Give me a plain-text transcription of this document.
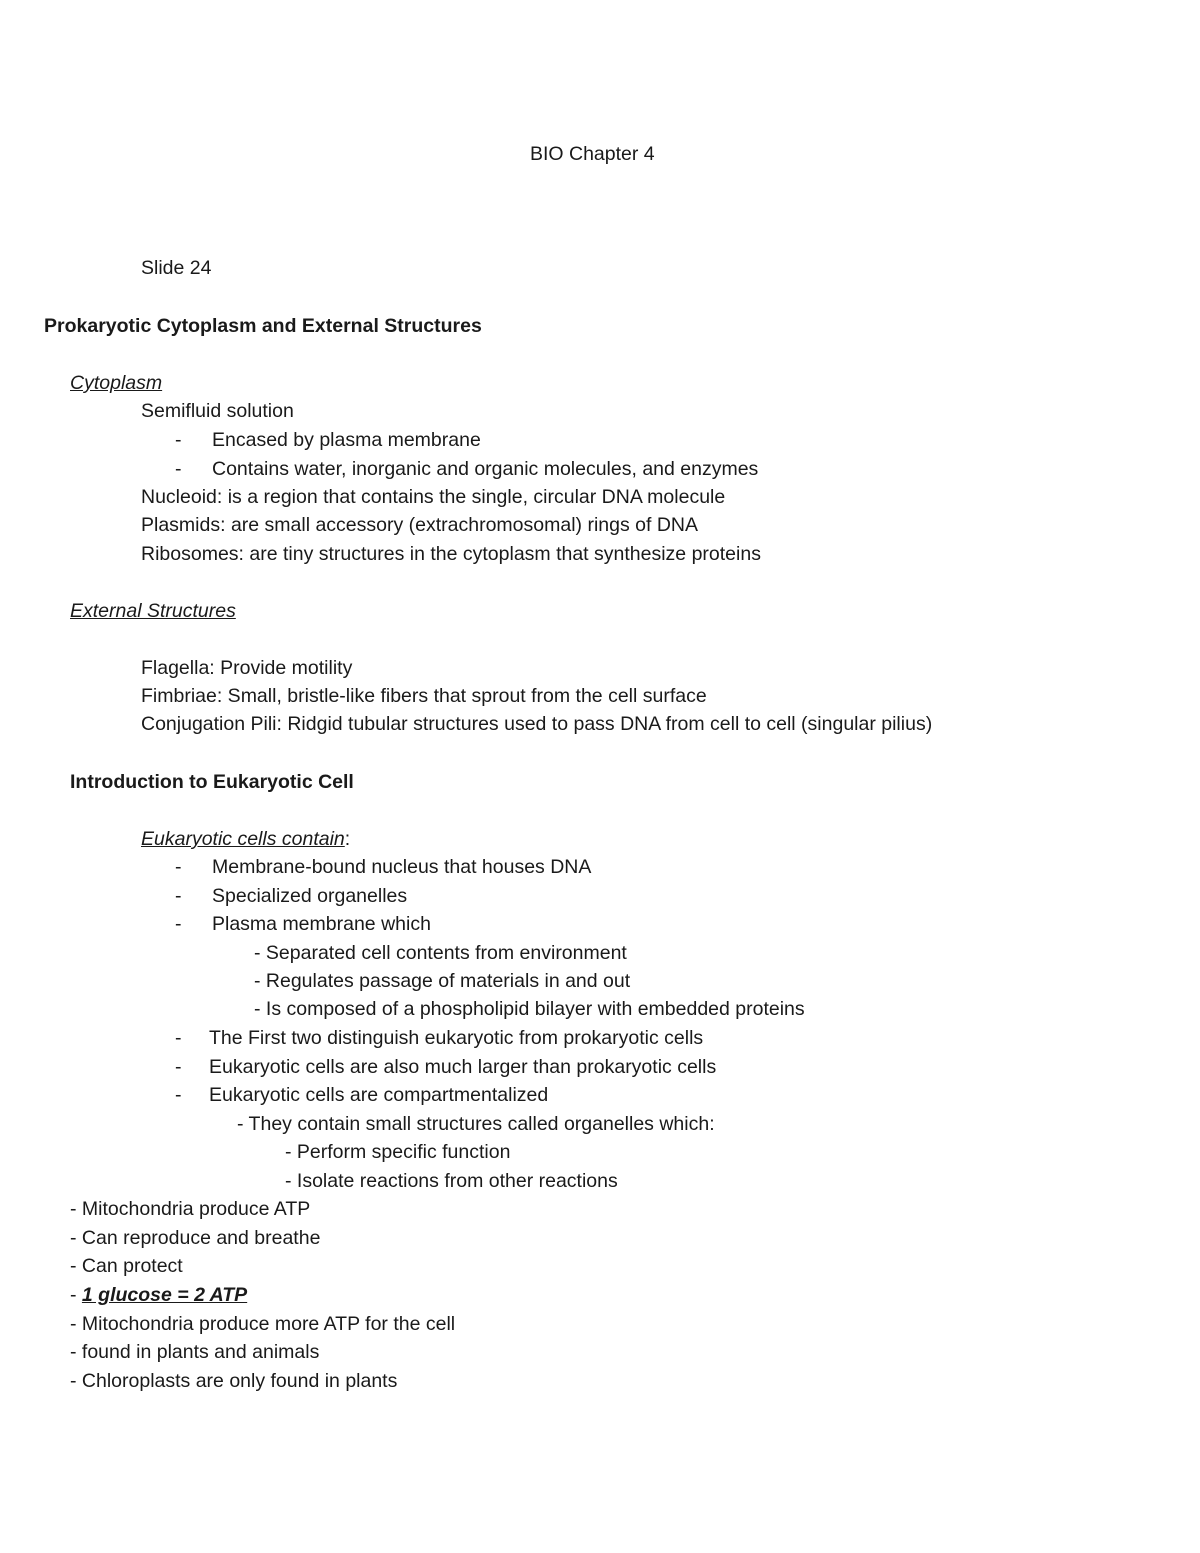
BIO Chapter 4
Slide 24
Prokaryotic Cytoplasm and External Structures
Cytoplasm
Semifluid solution
- Encased by plasma membrane
- Contains water, inorganic and organic molecules, and enzymes
Nucleoid: is a region that contains the single, circular DNA molecule
Plasmids: are small accessory (extrachromosomal) rings of DNA
Ribosomes: are tiny structures in the cytoplasm that synthesize proteins
External Structures
Flagella: Provide motility
Fimbriae: Small, bristle-like fibers that sprout from the cell surface
Conjugation Pili: Ridgid tubular structures used to pass DNA from cell to cell (singular pilius)
Introduction to Eukaryotic Cell
Eukaryotic cells contain:
- Membrane-bound nucleus that houses DNA
- Specialized organelles
- Plasma membrane which
- Separated cell contents from environment
- Regulates passage of materials in and out
- Is composed of a phospholipid bilayer with embedded proteins
- The First two distinguish eukaryotic from prokaryotic cells
- Eukaryotic cells are also much larger than prokaryotic cells
- Eukaryotic cells are compartmentalized
- They contain small structures called organelles which:
- Perform specific function
- Isolate reactions from other reactions
- Mitochondria produce ATP
- Can reproduce and breathe
- Can protect
- 1 glucose = 2 ATP
- Mitochondria produce more ATP for the cell
- found in plants and animals
- Chloroplasts are only found in plants
